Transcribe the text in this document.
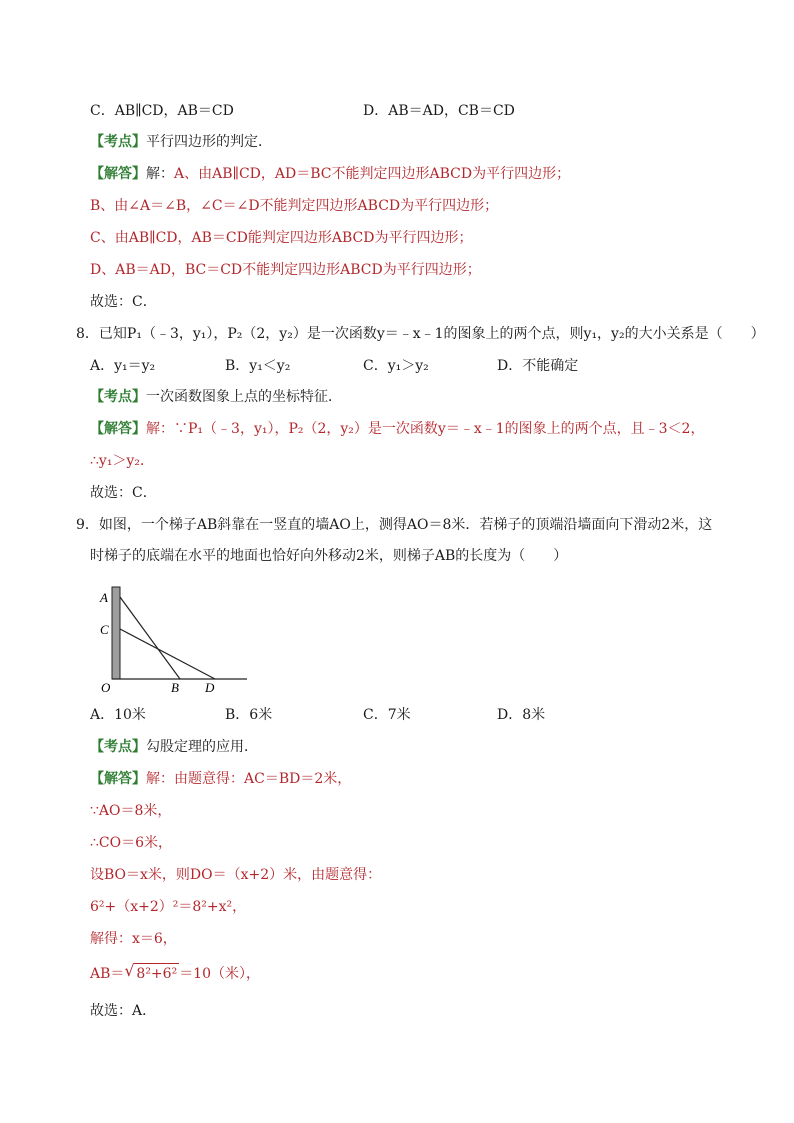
C．AB∥CD，AB＝CD	D．AB＝AD，CB＝CD
【考点】平行四边形的判定．
【解答】解：A、由AB∥CD，AD＝BC不能判定四边形ABCD为平行四边形；
B、由∠A＝∠B，∠C＝∠D不能判定四边形ABCD为平行四边形；
C、由AB∥CD，AB＝CD能判定四边形ABCD为平行四边形；
D、AB＝AD，BC＝CD不能判定四边形ABCD为平行四边形；
故选：C．
8．已知P₁（﹣3，y₁），P₂（2，y₂）是一次函数y＝﹣x﹣1的图象上的两个点，则y₁，y₂的大小关系是（　　）
A．y₁＝y₂	B．y₁＜y₂	C．y₁＞y₂	D．不能确定
【考点】一次函数图象上点的坐标特征．
【解答】解：∵P₁（﹣3，y₁），P₂（2，y₂）是一次函数y＝﹣x﹣1的图象上的两个点，且﹣3＜2，
∴y₁＞y₂．
故选：C．
9．如图，一个梯子AB斜靠在一竖直的墙AO上，测得AO＝8米．若梯子的顶端沿墙面向下滑动2米，这
时梯子的底端在水平的地面也恰好向外移动2米，则梯子AB的长度为（　　）
A
C
O	B D
A．10米	B．6米	C．7米	D．8米
【考点】勾股定理的应用．
【解答】解：由题意得：AC＝BD＝2米，
∵AO＝8米，
∴CO＝6米，
设BO＝x米，则DO＝（x+2）米，由题意得：
6²+（x+2）²＝8²+x²，
解得：x＝6，
AB＝ √ 8²+6² ＝10（米），
故选：A．
